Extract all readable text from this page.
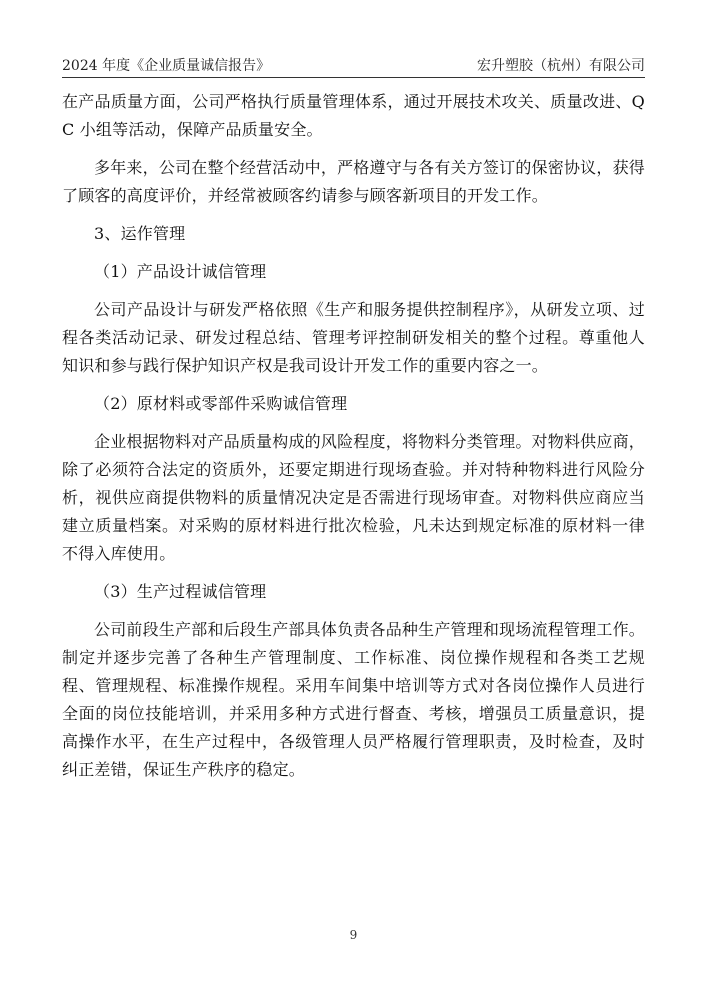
2024 年度《企业质量诚信报告》	宏升塑胶（杭州）有限公司

在产品质量方面，公司严格执行质量管理体系，通过开展技术攻关、质量改进、QC 小组等活动，保障产品质量安全。

多年来，公司在整个经营活动中，严格遵守与各有关方签订的保密协议，获得了顾客的高度评价，并经常被顾客约请参与顾客新项目的开发工作。

3、运作管理

（1）产品设计诚信管理

公司产品设计与研发严格依照《生产和服务提供控制程序》，从研发立项、过程各类活动记录、研发过程总结、管理考评控制研发相关的整个过程。尊重他人知识和参与践行保护知识产权是我司设计开发工作的重要内容之一。

（2）原材料或零部件采购诚信管理

企业根据物料对产品质量构成的风险程度，将物料分类管理。对物料供应商，除了必须符合法定的资质外，还要定期进行现场查验。并对特种物料进行风险分析，视供应商提供物料的质量情况决定是否需进行现场审查。对物料供应商应当建立质量档案。对采购的原材料进行批次检验，凡未达到规定标准的原材料一律不得入库使用。

（3）生产过程诚信管理

公司前段生产部和后段生产部具体负责各品种生产管理和现场流程管理工作。制定并逐步完善了各种生产管理制度、工作标准、岗位操作规程和各类工艺规程、管理规程、标准操作规程。采用车间集中培训等方式对各岗位操作人员进行全面的岗位技能培训，并采用多种方式进行督查、考核，增强员工质量意识，提高操作水平，在生产过程中，各级管理人员严格履行管理职责，及时检查，及时纠正差错，保证生产秩序的稳定。

9
